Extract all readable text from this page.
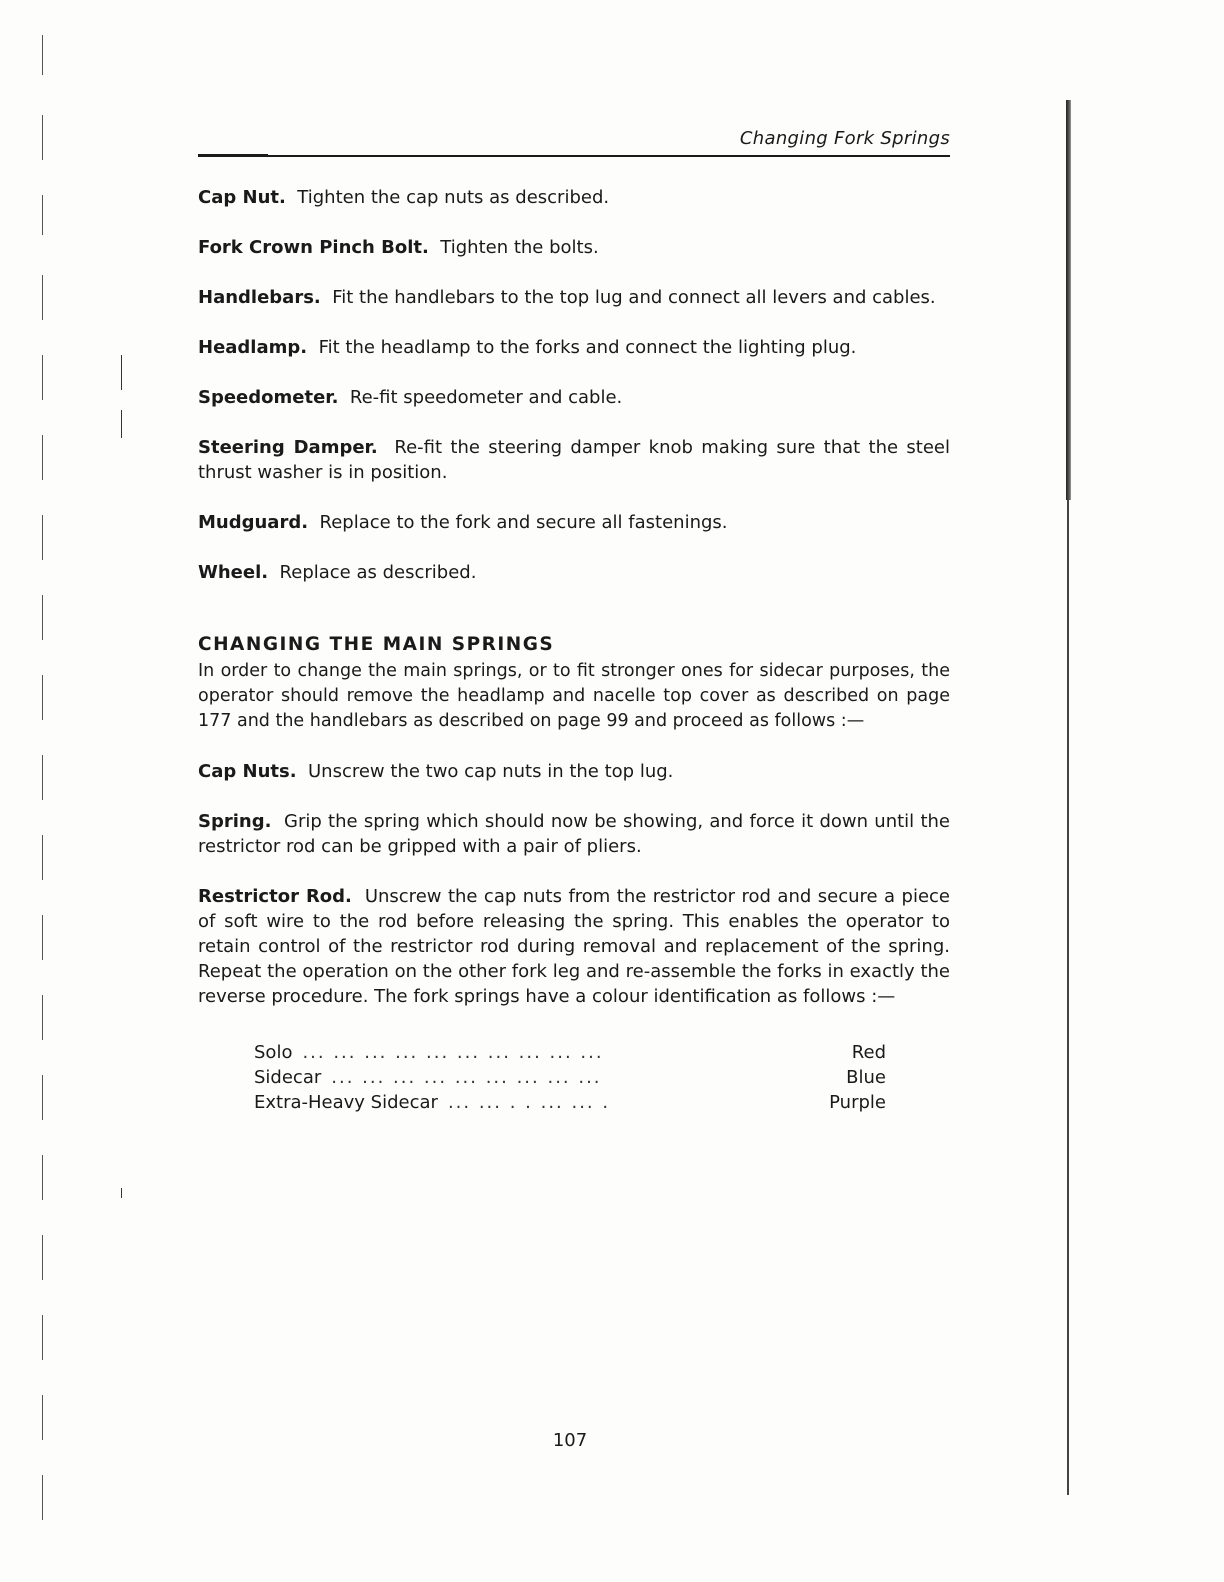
Changing Fork Springs

Cap Nut. Tighten the cap nuts as described.

Fork Crown Pinch Bolt. Tighten the bolts.

Handlebars. Fit the handlebars to the top lug and connect all levers and cables.

Headlamp. Fit the headlamp to the forks and connect the lighting plug.

Speedometer. Re-fit speedometer and cable.

Steering Damper. Re-fit the steering damper knob making sure that the steel thrust washer is in position.

Mudguard. Replace to the fork and secure all fastenings.

Wheel. Replace as described.

CHANGING THE MAIN SPRINGS

In order to change the main springs, or to fit stronger ones for sidecar purposes, the operator should remove the headlamp and nacelle top cover as described on page 177 and the handlebars as described on page 99 and proceed as follows :—

Cap Nuts. Unscrew the two cap nuts in the top lug.

Spring. Grip the spring which should now be showing, and force it down until the restrictor rod can be gripped with a pair of pliers.

Restrictor Rod. Unscrew the cap nuts from the restrictor rod and secure a piece of soft wire to the rod before releasing the spring. This enables the operator to retain control of the restrictor rod during removal and replacement of the spring. Repeat the operation on the other fork leg and re-assemble the forks in exactly the reverse procedure. The fork springs have a colour identification as follows :—

Solo ... ... ... ... ... ... ... ... ... ...	Red
Sidecar ... ... ... ... ... ... ... ... ...	Blue
Extra-Heavy Sidecar ... ... . . ... ... .	Purple
107
